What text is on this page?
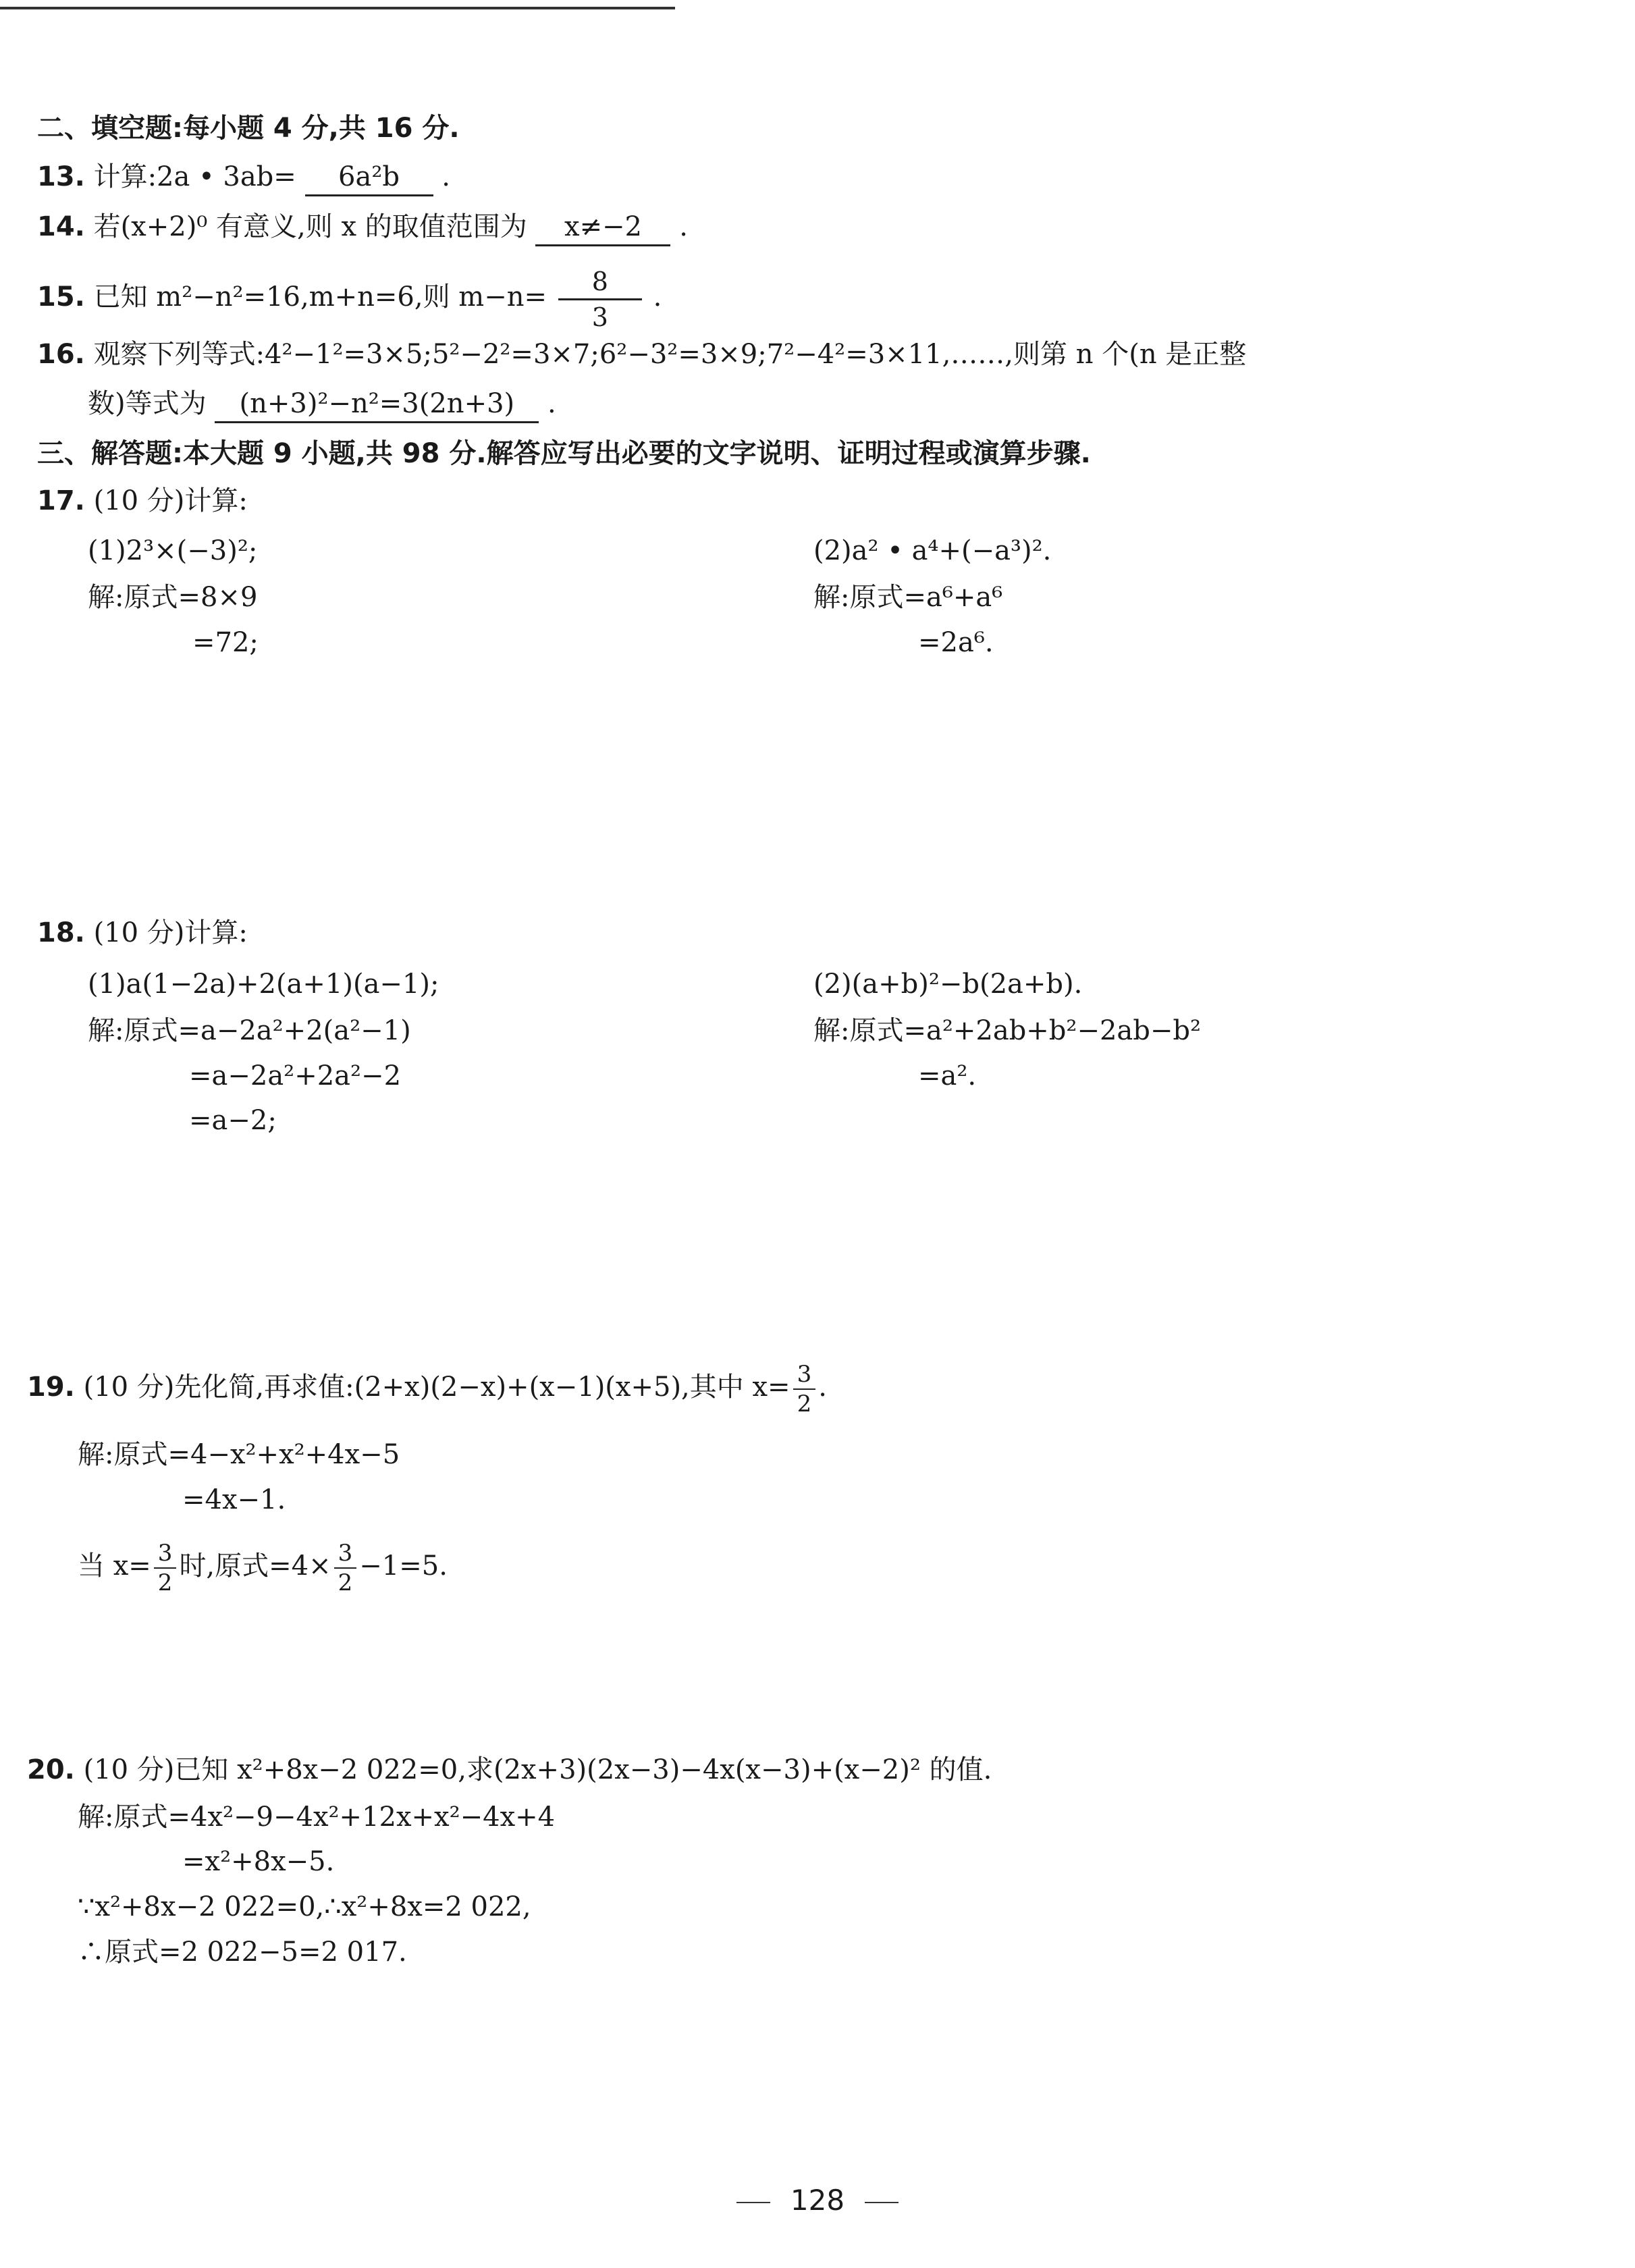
二、填空题:每小题 4 分,共 16 分.
13. 计算:2a • 3ab= 6a²b .
14. 若(x+2)⁰ 有意义,则 x 的取值范围为 x≠−2 .
15. 已知 m²−n²=16,m+n=6,则 $m-n= \frac{8}{3}$ .
16. 观察下列等式:4²−1²=3×5;5²−2²=3×7;6²−3²=3×9;7²−4²=3×11,……,则第 n 个(n 是正整
数)等式为 (n+3)²−n²=3(2n+3) .
三、解答题:本大题 9 小题,共 98 分.解答应写出必要的文字说明、证明过程或演算步骤.
17. (10 分)计算:
(1)2³×(−3)²;
解:原式=8×9
=72;
(2)a² • a⁴+(−a³)².
解:原式=a⁶+a⁶
=2a⁶.
18. (10 分)计算:
(1)a(1−2a)+2(a+1)(a−1);
解:原式=a−2a²+2(a²−1)
=a−2a²+2a²−2
=a−2;
(2)(a+b)²−b(2a+b).
解:原式=a²+2ab+b²−2ab−b²
=a².
19. (10 分)先化简,再求值:(2+x)(2−x)+(x−1)(x+5),其中 $x= \frac{3}{2}$ .
解:原式=4−x²+x²+4x−5
=4x−1.
当 $x= \frac{3}{2}$ 时,原式$=4\times \frac{3}{2} -1=5$.
20. (10 分)已知 x²+8x−2 022=0,求(2x+3)(2x−3)−4x(x−3)+(x−2)² 的值.
解:原式=4x²−9−4x²+12x+x²−4x+4
=x²+8x−5.
∵x²+8x−2 022=0,∴x²+8x=2 022,
∴原式=2 022−5=2 017.
128
